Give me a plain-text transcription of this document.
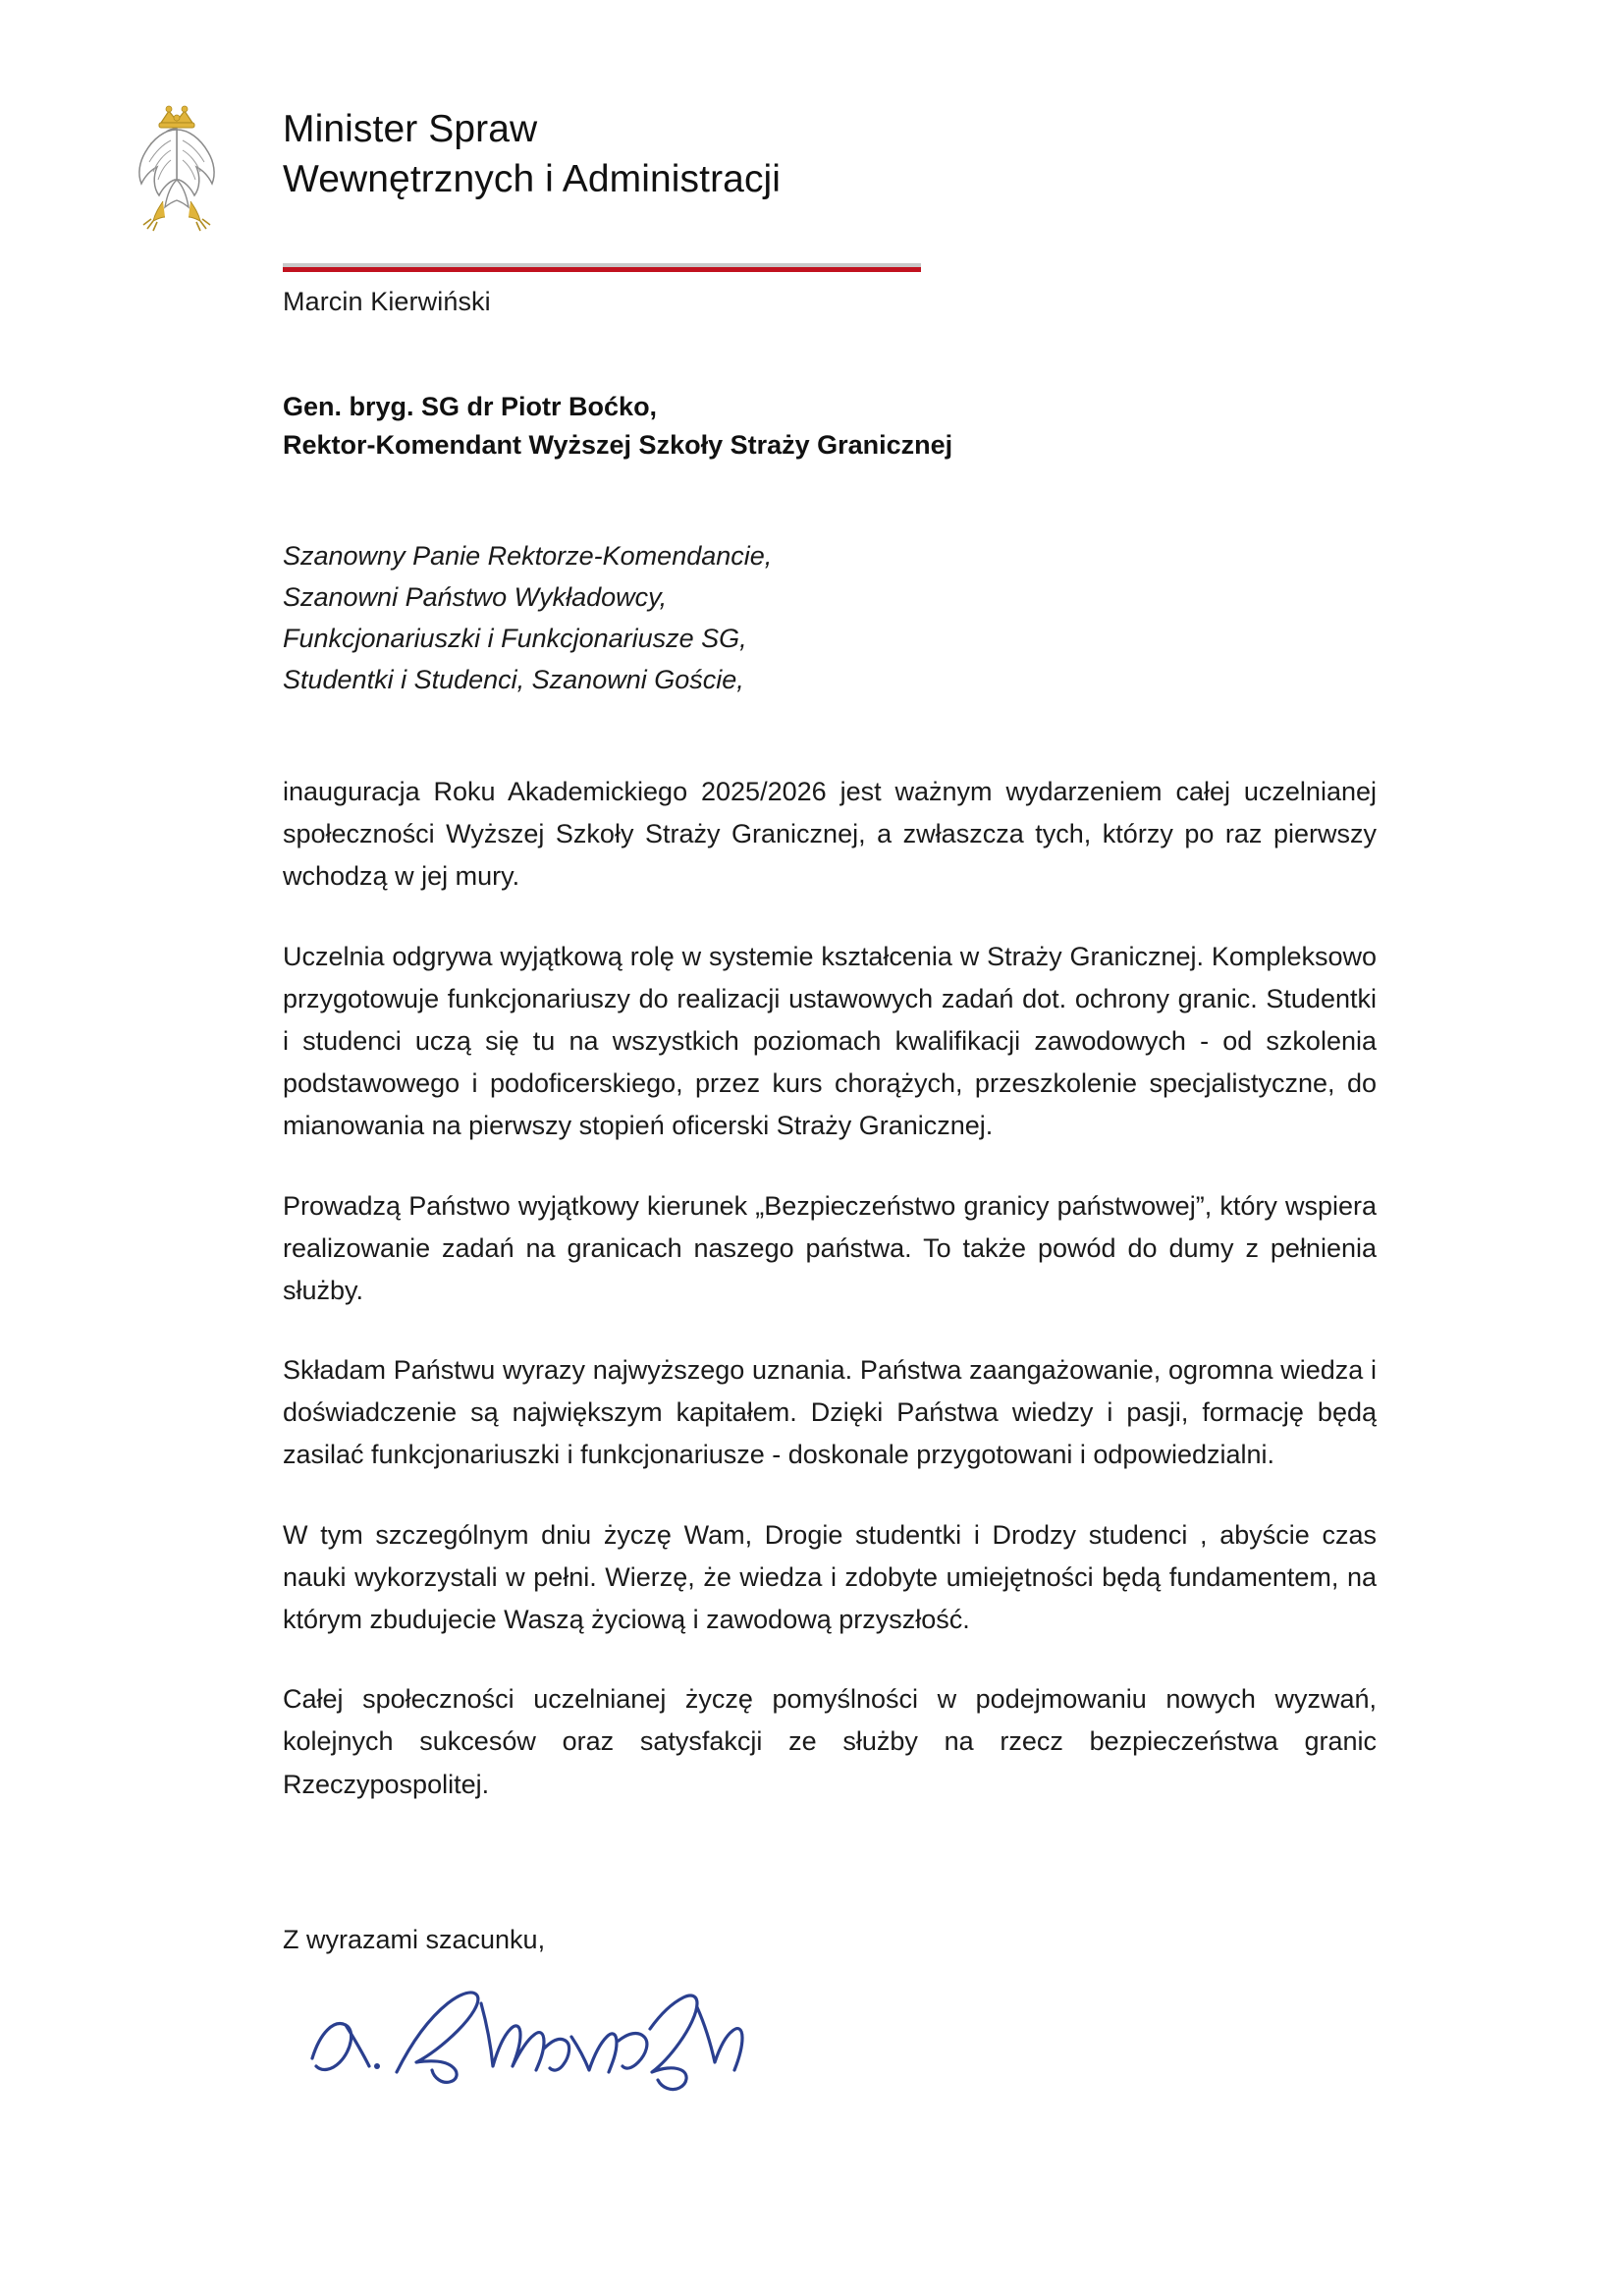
Minister Spraw
Wewnętrznych i Administracji
Marcin Kierwiński
Gen. bryg. SG dr Piotr Boćko,
Rektor-Komendant Wyższej Szkoły Straży Granicznej
Szanowny Panie Rektorze-Komendancie,
Szanowni Państwo Wykładowcy,
Funkcjonariuszki i Funkcjonariusze SG,
Studentki i Studenci, Szanowni Goście,

inauguracja Roku Akademickiego 2025/2026 jest ważnym wydarzeniem całej uczelnianej społeczności Wyższej Szkoły Straży Granicznej, a zwłaszcza tych, którzy po raz pierwszy wchodzą w jej mury.

Uczelnia odgrywa wyjątkową rolę w systemie kształcenia w Straży Granicznej. Kompleksowo przygotowuje funkcjonariuszy do realizacji ustawowych zadań dot. ochrony granic. Studentki i studenci uczą się tu na wszystkich poziomach kwalifikacji zawodowych - od szkolenia podstawowego i podoficerskiego, przez kurs chorążych, przeszkolenie specjalistyczne, do mianowania na pierwszy stopień oficerski Straży Granicznej.

Prowadzą Państwo wyjątkowy kierunek „Bezpieczeństwo granicy państwowej”, który wspiera realizowanie zadań na granicach naszego państwa. To także powód do dumy z pełnienia służby.

Składam Państwu wyrazy najwyższego uznania. Państwa zaangażowanie, ogromna wiedza i doświadczenie są największym kapitałem. Dzięki Państwa wiedzy i pasji, formację będą zasilać funkcjonariuszki i funkcjonariusze - doskonale przygotowani i odpowiedzialni.

W tym szczególnym dniu życzę Wam, Drogie studentki i Drodzy studenci , abyście czas nauki wykorzystali w pełni. Wierzę, że wiedza i zdobyte umiejętności będą fundamentem, na którym zbudujecie Waszą życiową i zawodową przyszłość.

Całej społeczności uczelnianej życzę pomyślności w podejmowaniu nowych wyzwań, kolejnych sukcesów oraz satysfakcji ze służby na rzecz bezpieczeństwa granic Rzeczypospolitej.

Z wyrazami szacunku,
